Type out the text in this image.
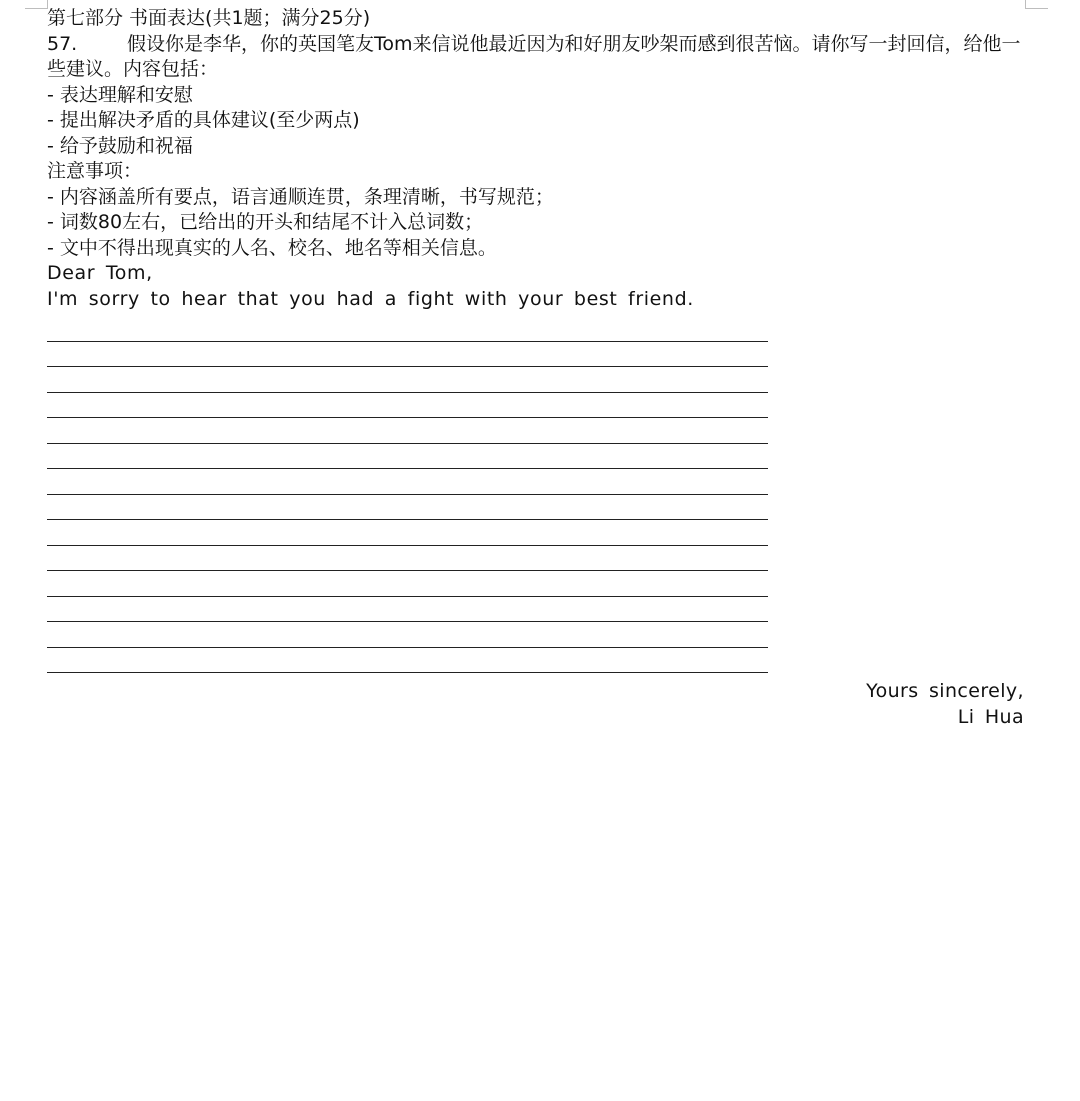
第七部分 书面表达(共1题；满分25分)
57.	假设你是李华，你的英国笔友Tom来信说他最近因为和好朋友吵架而感到很苦恼。请你写一封回信，给他一些建议。内容包括：
- 表达理解和安慰
- 提出解决矛盾的具体建议(至少两点)
- 给予鼓励和祝福
注意事项：
- 内容涵盖所有要点，语言通顺连贯，条理清晰，书写规范；
- 词数80左右，已给出的开头和结尾不计入总词数；
- 文中不得出现真实的人名、校名、地名等相关信息。
Dear Tom,
I'm sorry to hear that you had a fight with your best friend.
Yours sincerely,
Li Hua
